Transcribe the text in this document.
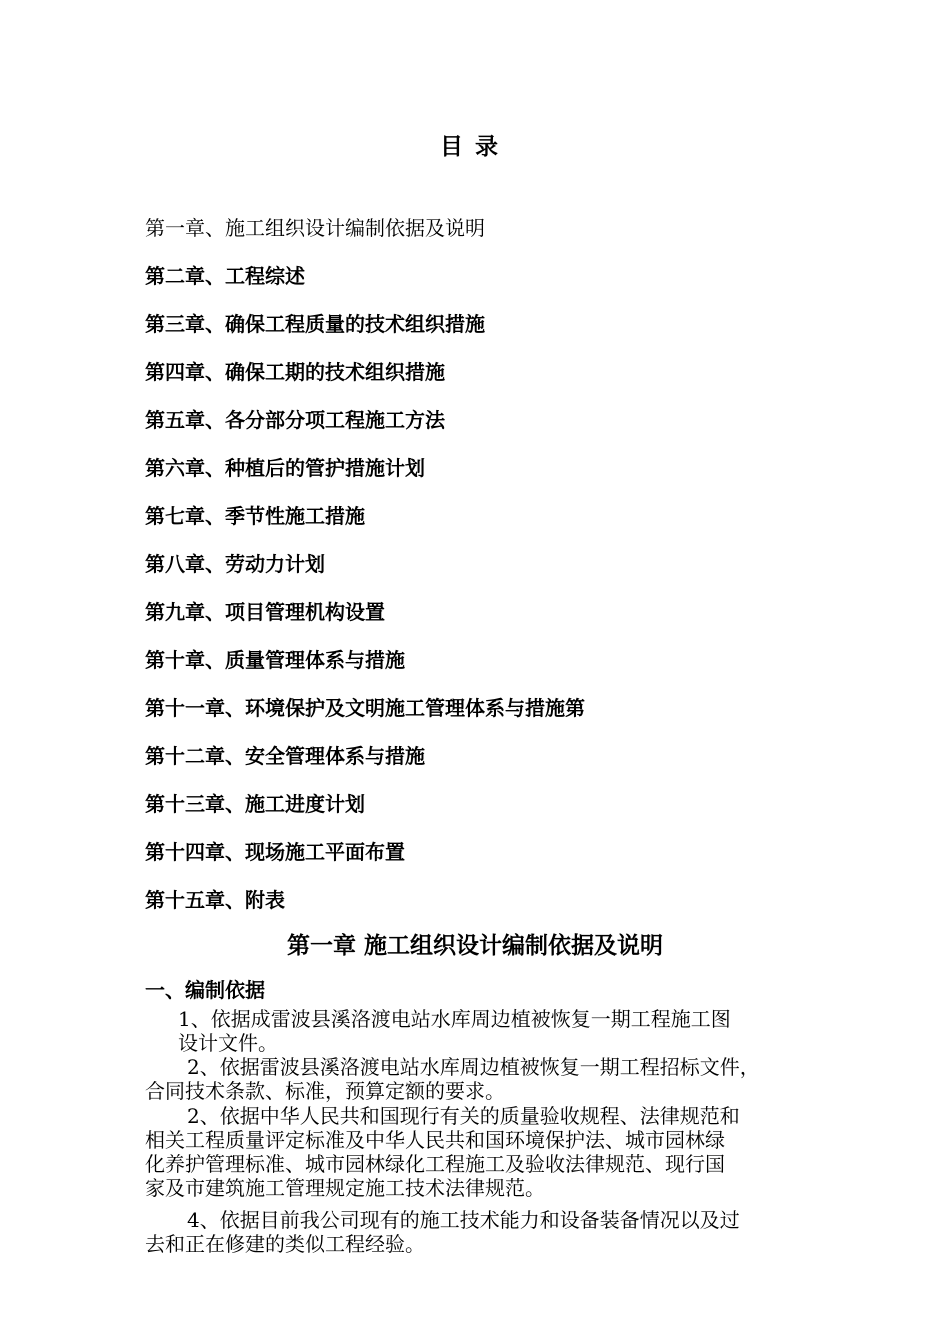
目录
第一章、施工组织设计编制依据及说明
第二章、工程综述
第三章、确保工程质量的技术组织措施
第四章、确保工期的技术组织措施
第五章、各分部分项工程施工方法
第六章、种植后的管护措施计划
第七章、季节性施工措施
第八章、劳动力计划
第九章、项目管理机构设置
第十章、质量管理体系与措施
第十一章、环境保护及文明施工管理体系与措施第
第十二章、安全管理体系与措施
第十三章、施工进度计划
第十四章、现场施工平面布置
第十五章、附表
第一章 施工组织设计编制依据及说明
一、编制依据

1、依据成雷波县溪洛渡电站水库周边植被恢复一期工程施工图
设计文件。

2、依据雷波县溪洛渡电站水库周边植被恢复一期工程招标文件，
合同技术条款、标准，预算定额的要求。

2、依据中华人民共和国现行有关的质量验收规程、法律规范和
相关工程质量评定标准及中华人民共和国环境保护法、城市园林绿
化养护管理标准、城市园林绿化工程施工及验收法律规范、现行国
家及市建筑施工管理规定施工技术法律规范。

4、依据目前我公司现有的施工技术能力和设备装备情况以及过
去和正在修建的类似工程经验。
